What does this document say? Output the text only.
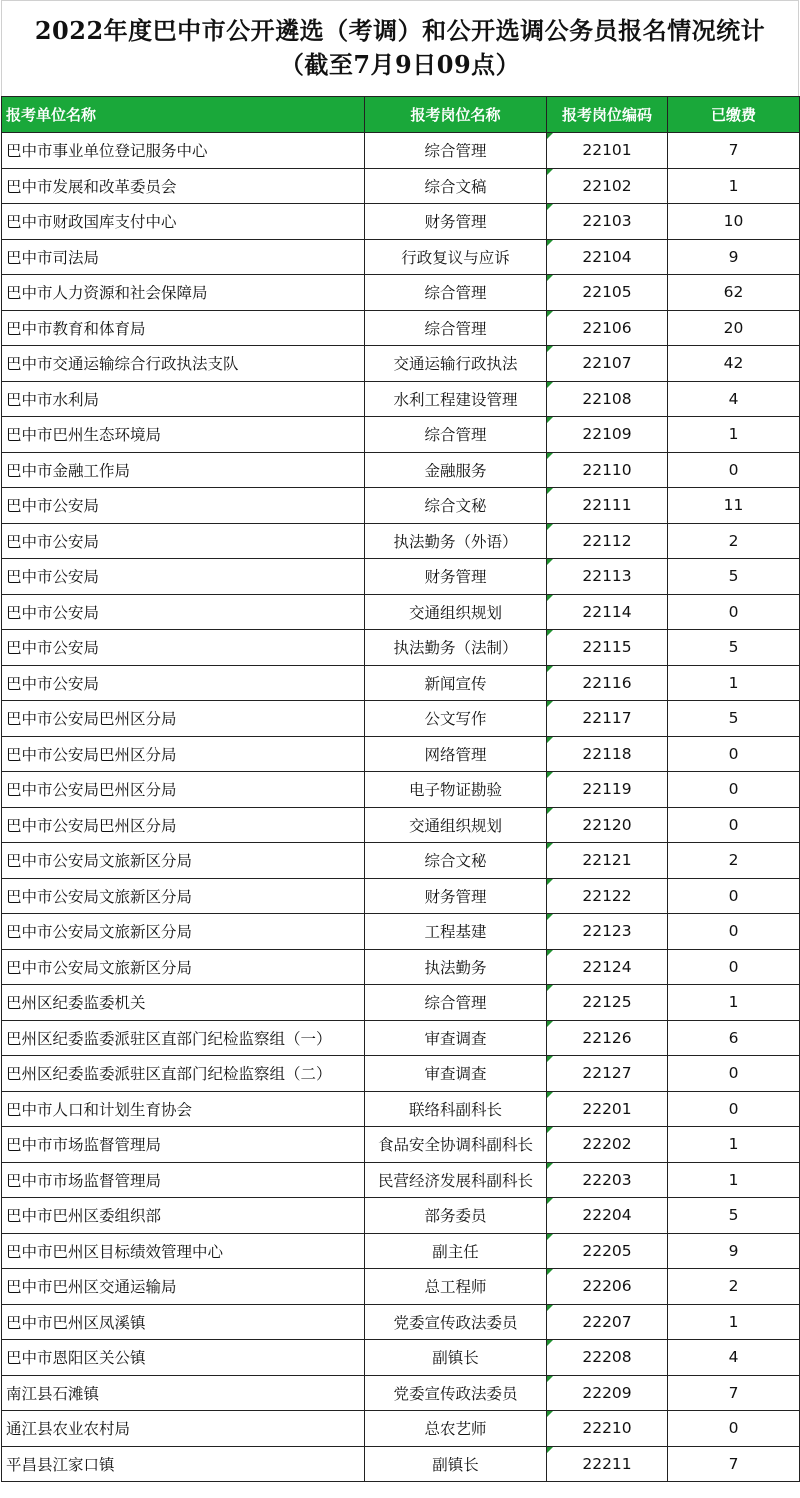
2022年度巴中市公开遴选（考调）和公开选调公务员报名情况统计
（截至7月9日09点）
报考单位名称	报考岗位名称	报考岗位编码	已缴费
巴中市事业单位登记服务中心	综合管理	22101	7
巴中市发展和改革委员会	综合文稿	22102	1
巴中市财政国库支付中心	财务管理	22103	10
巴中市司法局	行政复议与应诉	22104	9
巴中市人力资源和社会保障局	综合管理	22105	62
巴中市教育和体育局	综合管理	22106	20
巴中市交通运输综合行政执法支队	交通运输行政执法	22107	42
巴中市水利局	水利工程建设管理	22108	4
巴中市巴州生态环境局	综合管理	22109	1
巴中市金融工作局	金融服务	22110	0
巴中市公安局	综合文秘	22111	11
巴中市公安局	执法勤务（外语）	22112	2
巴中市公安局	财务管理	22113	5
巴中市公安局	交通组织规划	22114	0
巴中市公安局	执法勤务（法制）	22115	5
巴中市公安局	新闻宣传	22116	1
巴中市公安局巴州区分局	公文写作	22117	5
巴中市公安局巴州区分局	网络管理	22118	0
巴中市公安局巴州区分局	电子物证勘验	22119	0
巴中市公安局巴州区分局	交通组织规划	22120	0
巴中市公安局文旅新区分局	综合文秘	22121	2
巴中市公安局文旅新区分局	财务管理	22122	0
巴中市公安局文旅新区分局	工程基建	22123	0
巴中市公安局文旅新区分局	执法勤务	22124	0
巴州区纪委监委机关	综合管理	22125	1
巴州区纪委监委派驻区直部门纪检监察组（一）	审查调查	22126	6
巴州区纪委监委派驻区直部门纪检监察组（二）	审查调查	22127	0
巴中市人口和计划生育协会	联络科副科长	22201	0
巴中市市场监督管理局	食品安全协调科副科长	22202	1
巴中市市场监督管理局	民营经济发展科副科长	22203	1
巴中市巴州区委组织部	部务委员	22204	5
巴中市巴州区目标绩效管理中心	副主任	22205	9
巴中市巴州区交通运输局	总工程师	22206	2
巴中市巴州区凤溪镇	党委宣传政法委员	22207	1
巴中市恩阳区关公镇	副镇长	22208	4
南江县石滩镇	党委宣传政法委员	22209	7
通江县农业农村局	总农艺师	22210	0
平昌县江家口镇	副镇长	22211	7
